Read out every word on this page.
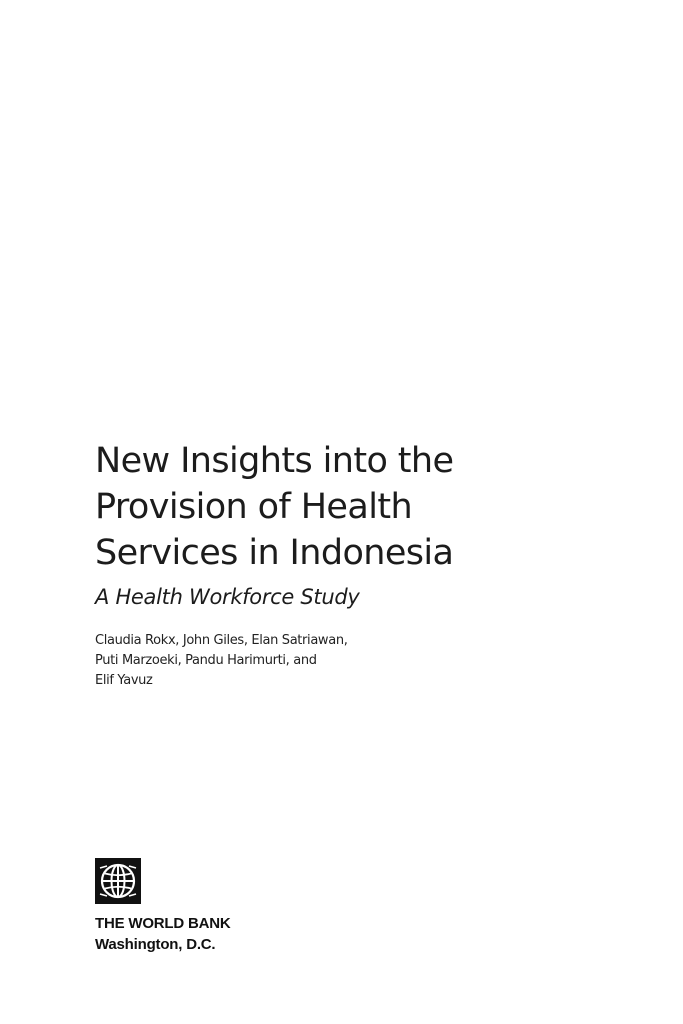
New Insights into the
Provision of Health
Services in Indonesia
A Health Workforce Study
Claudia Rokx, John Giles, Elan Satriawan,
Puti Marzoeki, Pandu Harimurti, and
Elif Yavuz
THE WORLD BANK
Washington, D.C.
